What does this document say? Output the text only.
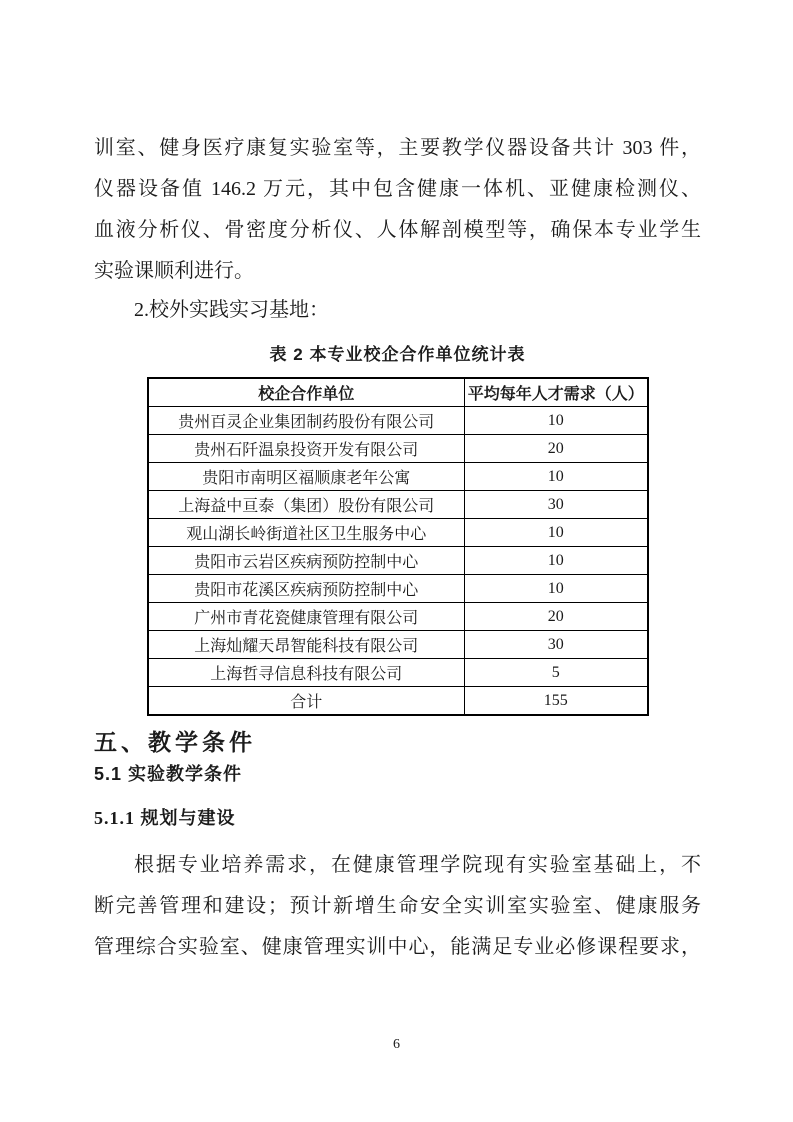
训室、健身医疗康复实验室等，主要教学仪器设备共计 303 件，
仪器设备值 146.2 万元，其中包含健康一体机、亚健康检测仪、
血液分析仪、骨密度分析仪、人体解剖模型等，确保本专业学生
实验课顺利进行。
2.校外实践实习基地：
表 2 本专业校企合作单位统计表
校企合作单位	平均每年人才需求（人）
贵州百灵企业集团制药股份有限公司	10
贵州石阡温泉投资开发有限公司	20
贵阳市南明区福顺康老年公寓	10
上海益中亘泰（集团）股份有限公司	30
观山湖长岭街道社区卫生服务中心	10
贵阳市云岩区疾病预防控制中心	10
贵阳市花溪区疾病预防控制中心	10
广州市青花瓷健康管理有限公司	20
上海灿耀天昂智能科技有限公司	30
上海哲寻信息科技有限公司	5
合计	155
五、教学条件
5.1 实验教学条件
5.1.1 规划与建设
根据专业培养需求，在健康管理学院现有实验室基础上，不
断完善管理和建设；预计新增生命安全实训室实验室、健康服务
管理综合实验室、健康管理实训中心，能满足专业必修课程要求，
6
